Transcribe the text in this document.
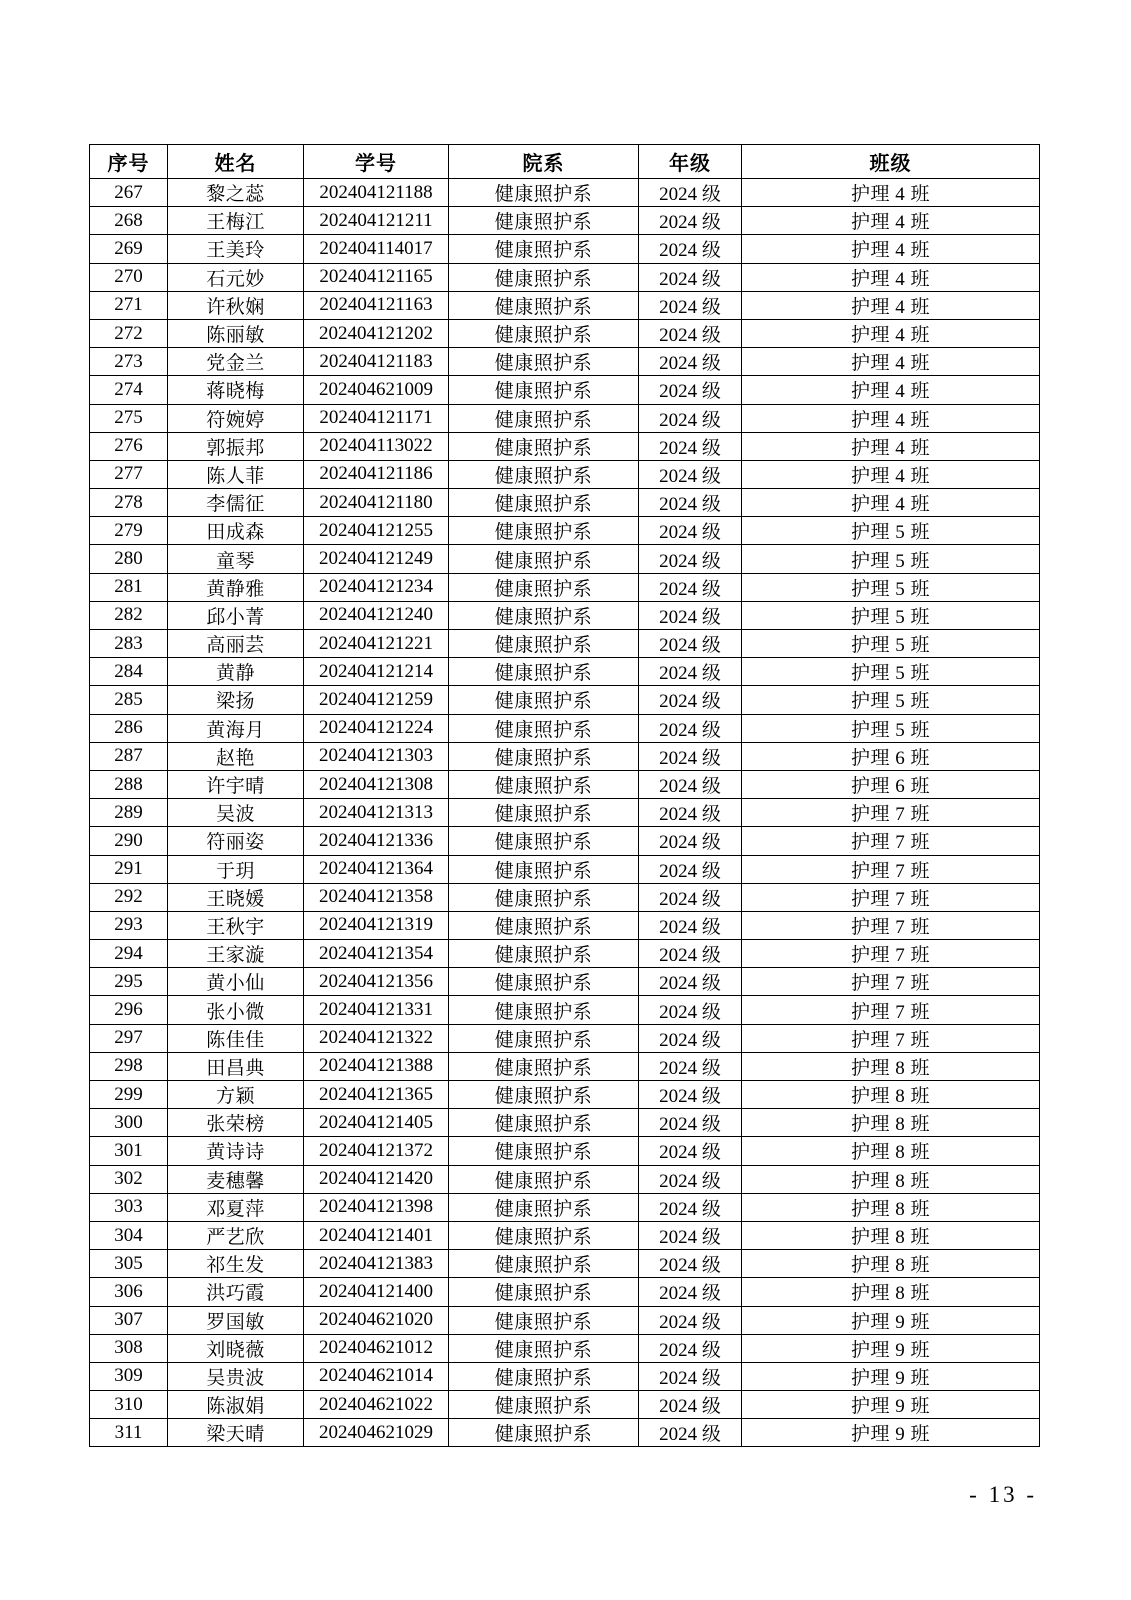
序号	姓名	学号	院系	年级	班级
267	黎之蕊	202404121188	健康照护系	2024 级	护理 4 班
268	王梅江	202404121211	健康照护系	2024 级	护理 4 班
269	王美玲	202404114017	健康照护系	2024 级	护理 4 班
270	石元妙	202404121165	健康照护系	2024 级	护理 4 班
271	许秋娴	202404121163	健康照护系	2024 级	护理 4 班
272	陈丽敏	202404121202	健康照护系	2024 级	护理 4 班
273	党金兰	202404121183	健康照护系	2024 级	护理 4 班
274	蒋晓梅	202404621009	健康照护系	2024 级	护理 4 班
275	符婉婷	202404121171	健康照护系	2024 级	护理 4 班
276	郭振邦	202404113022	健康照护系	2024 级	护理 4 班
277	陈人菲	202404121186	健康照护系	2024 级	护理 4 班
278	李儒征	202404121180	健康照护系	2024 级	护理 4 班
279	田成森	202404121255	健康照护系	2024 级	护理 5 班
280	童琴	202404121249	健康照护系	2024 级	护理 5 班
281	黄静雅	202404121234	健康照护系	2024 级	护理 5 班
282	邱小菁	202404121240	健康照护系	2024 级	护理 5 班
283	高丽芸	202404121221	健康照护系	2024 级	护理 5 班
284	黄静	202404121214	健康照护系	2024 级	护理 5 班
285	梁扬	202404121259	健康照护系	2024 级	护理 5 班
286	黄海月	202404121224	健康照护系	2024 级	护理 5 班
287	赵艳	202404121303	健康照护系	2024 级	护理 6 班
288	许宇晴	202404121308	健康照护系	2024 级	护理 6 班
289	吴波	202404121313	健康照护系	2024 级	护理 7 班
290	符丽姿	202404121336	健康照护系	2024 级	护理 7 班
291	于玥	202404121364	健康照护系	2024 级	护理 7 班
292	王晓媛	202404121358	健康照护系	2024 级	护理 7 班
293	王秋宇	202404121319	健康照护系	2024 级	护理 7 班
294	王家漩	202404121354	健康照护系	2024 级	护理 7 班
295	黄小仙	202404121356	健康照护系	2024 级	护理 7 班
296	张小微	202404121331	健康照护系	2024 级	护理 7 班
297	陈佳佳	202404121322	健康照护系	2024 级	护理 7 班
298	田昌典	202404121388	健康照护系	2024 级	护理 8 班
299	方颖	202404121365	健康照护系	2024 级	护理 8 班
300	张荣榜	202404121405	健康照护系	2024 级	护理 8 班
301	黄诗诗	202404121372	健康照护系	2024 级	护理 8 班
302	麦穗馨	202404121420	健康照护系	2024 级	护理 8 班
303	邓夏萍	202404121398	健康照护系	2024 级	护理 8 班
304	严艺欣	202404121401	健康照护系	2024 级	护理 8 班
305	祁生发	202404121383	健康照护系	2024 级	护理 8 班
306	洪巧霞	202404121400	健康照护系	2024 级	护理 8 班
307	罗国敏	202404621020	健康照护系	2024 级	护理 9 班
308	刘晓薇	202404621012	健康照护系	2024 级	护理 9 班
309	吴贵波	202404621014	健康照护系	2024 级	护理 9 班
310	陈淑娟	202404621022	健康照护系	2024 级	护理 9 班
311	梁天晴	202404621029	健康照护系	2024 级	护理 9 班
- 13 -
